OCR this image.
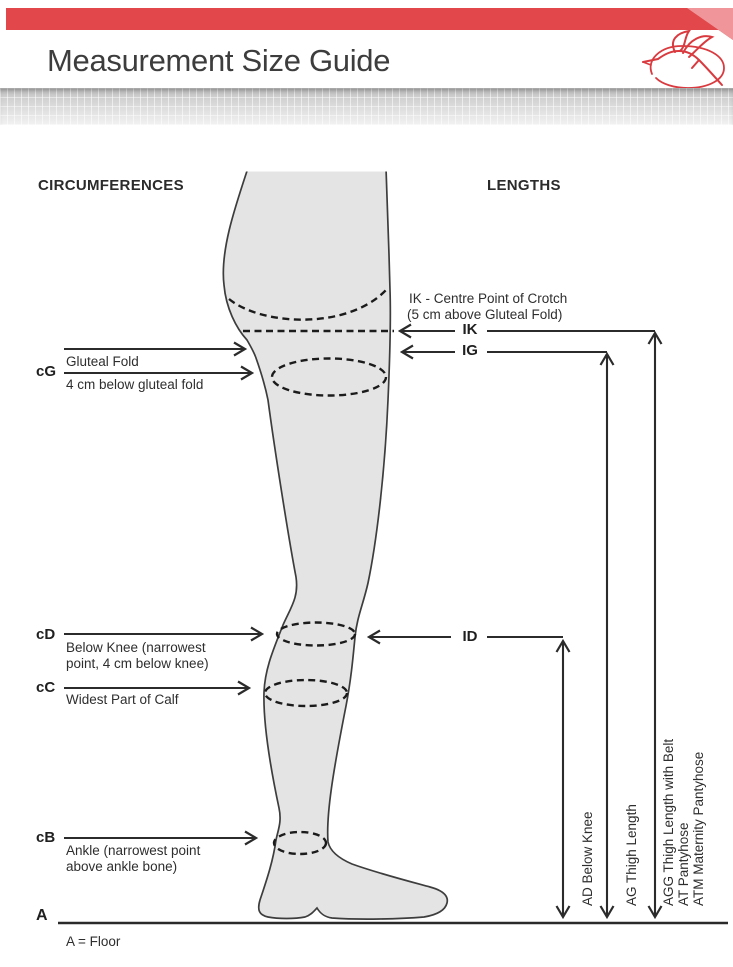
Measurement Size Guide
CIRCUMFERENCES	LENGTHS
IK - Centre Point of Crotch
(5 cm above Gluteal Fold)
IK
IG
ID
cG
Gluteal Fold
4 cm below gluteal fold
cD
Below Knee (narrowest point, 4 cm below knee)
cC
Widest Part of Calf
cB
Ankle (narrowest point above ankle bone)
A
A = Floor
AD Below Knee AG Thigh Length AGG Thigh Length with Belt AT Pantyhose ATM Maternity Pantyhose
